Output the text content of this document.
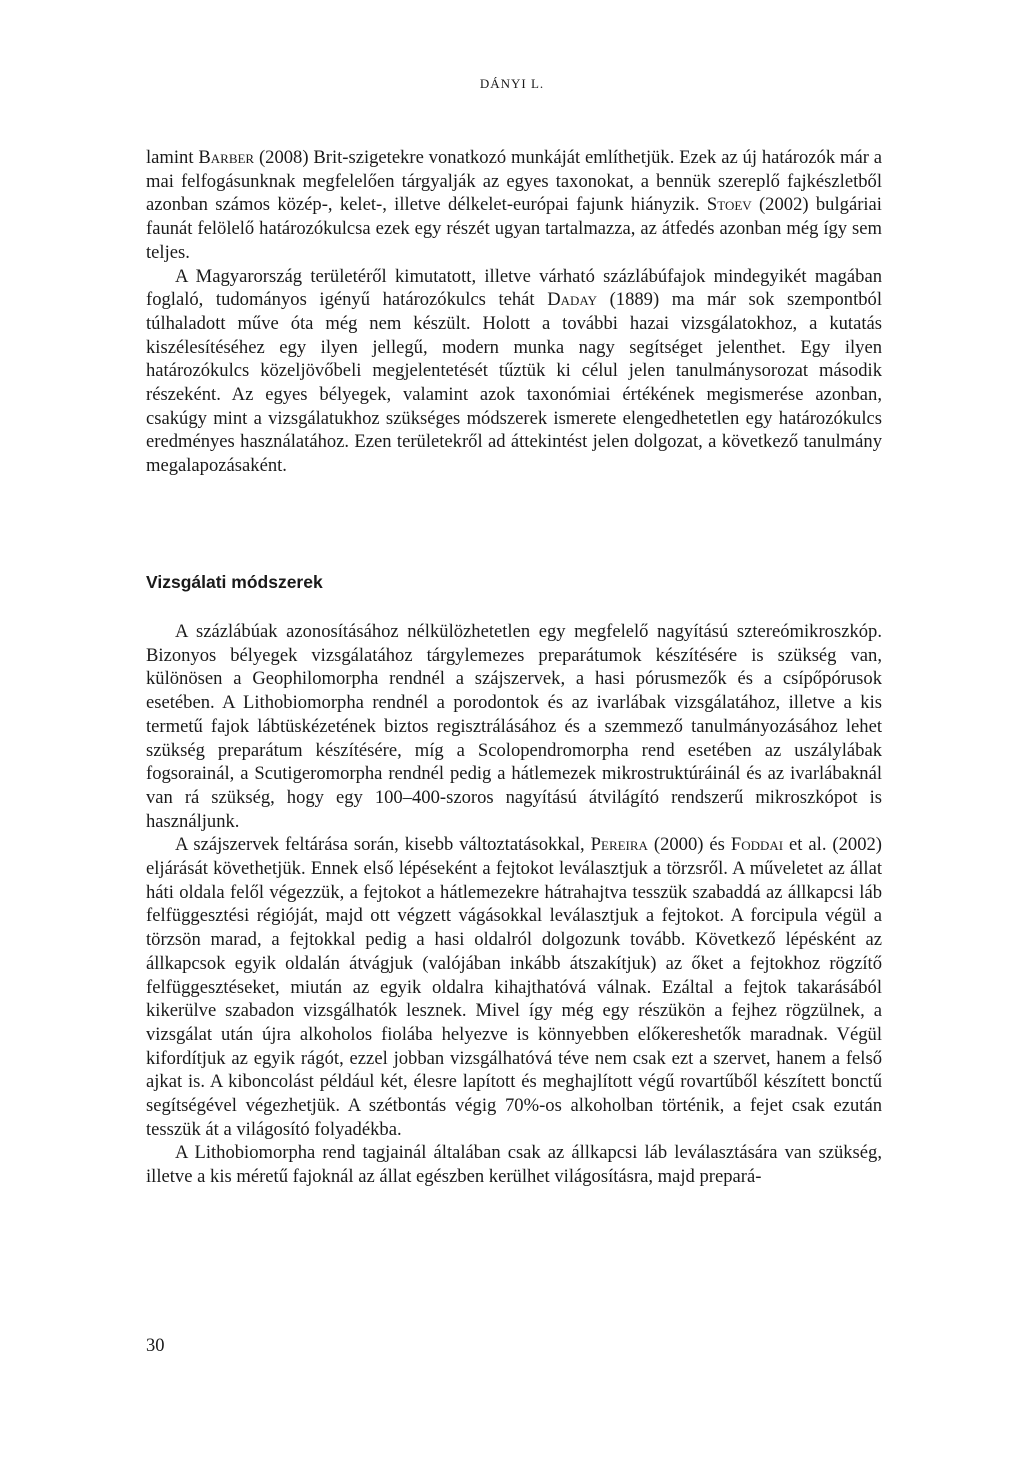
DÁNYI L.

lamint Barber (2008) Brit-szigetekre vonatkozó munkáját említhetjük. Ezek az új határozók már a mai felfogásunknak megfelelően tárgyalják az egyes taxonokat, a bennük szereplő fajkészletből azonban számos közép-, kelet-, illetve délkelet-európai fajunk hiányzik. Stoev (2002) bulgáriai faunát felölelő határozókulcsa ezek egy részét ugyan tartalmazza, az átfedés azonban még így sem teljes.

A Magyarország területéről kimutatott, illetve várható százlábúfajok mindegyikét magában foglaló, tudományos igényű határozókulcs tehát Daday (1889) ma már sok szempontból túlhaladott műve óta még nem készült. Holott a további hazai vizsgálatokhoz, a kutatás kiszélesítéséhez egy ilyen jellegű, modern munka nagy segítséget jelenthet. Egy ilyen határozókulcs közeljövőbeli megjelentetését tűztük ki célul jelen tanulmánysorozat második részeként. Az egyes bélyegek, valamint azok taxonómiai értékének megismerése azonban, csakúgy mint a vizsgálatukhoz szükséges módszerek ismerete elengedhetetlen egy határozókulcs eredményes használatához. Ezen területekről ad áttekintést jelen dolgozat, a következő tanulmány megalapozásaként.

Vizsgálati módszerek

A százlábúak azonosításához nélkülözhetetlen egy megfelelő nagyítású sztereómikroszkóp. Bizonyos bélyegek vizsgálatához tárgylemezes preparátumok készítésére is szükség van, különösen a Geophilomorpha rendnél a szájszervek, a hasi pórusmezők és a csípőpórusok esetében. A Lithobiomorpha rendnél a porodontok és az ivarlábak vizsgálatához, illetve a kis termetű fajok lábtüskézetének biztos regisztrálásához és a szemmező tanulmányozásához lehet szükség preparátum készítésére, míg a Scolopendromorpha rend esetében az uszálylábak fogsorainál, a Scutigeromorpha rendnél pedig a hátlemezek mikrostruktúráinál és az ivarlábaknál van rá szükség, hogy egy 100–400-szoros nagyítású átvilágító rendszerű mikroszkópot is használjunk.

A szájszervek feltárása során, kisebb változtatásokkal, Pereira (2000) és Foddai et al. (2002) eljárását követhetjük. Ennek első lépéseként a fejtokot leválasztjuk a törzsről. A műveletet az állat háti oldala felől végezzük, a fejtokot a hátlemezekre hátrahajtva tesszük szabaddá az állkapcsi láb felfüggesztési régióját, majd ott végzett vágásokkal leválasztjuk a fejtokot. A forcipula végül a törzsön marad, a fejtokkal pedig a hasi oldalról dolgozunk tovább. Következő lépésként az állkapcsok egyik oldalán átvágjuk (valójában inkább átszakítjuk) az őket a fejtokhoz rögzítő felfüggesztéseket, miután az egyik oldalra kihajthatóvá válnak. Ezáltal a fejtok takarásából kikerülve szabadon vizsgálhatók lesznek. Mivel így még egy részükön a fejhez rögzülnek, a vizsgálat után újra alkoholos fiolába helyezve is könnyebben előkereshetők maradnak. Végül kifordítjuk az egyik rágót, ezzel jobban vizsgálhatóvá téve nem csak ezt a szervet, hanem a felső ajkat is. A kiboncolást például két, élesre lapított és meghajlított végű rovartűből készített bonctű segítségével végezhetjük. A szétbontás végig 70%-os alkoholban történik, a fejet csak ezután tesszük át a világosító folyadékba.

A Lithobiomorpha rend tagjainál általában csak az állkapcsi láb leválasztására van szükség, illetve a kis méretű fajoknál az állat egészben kerülhet világosításra, majd prepará-

30
